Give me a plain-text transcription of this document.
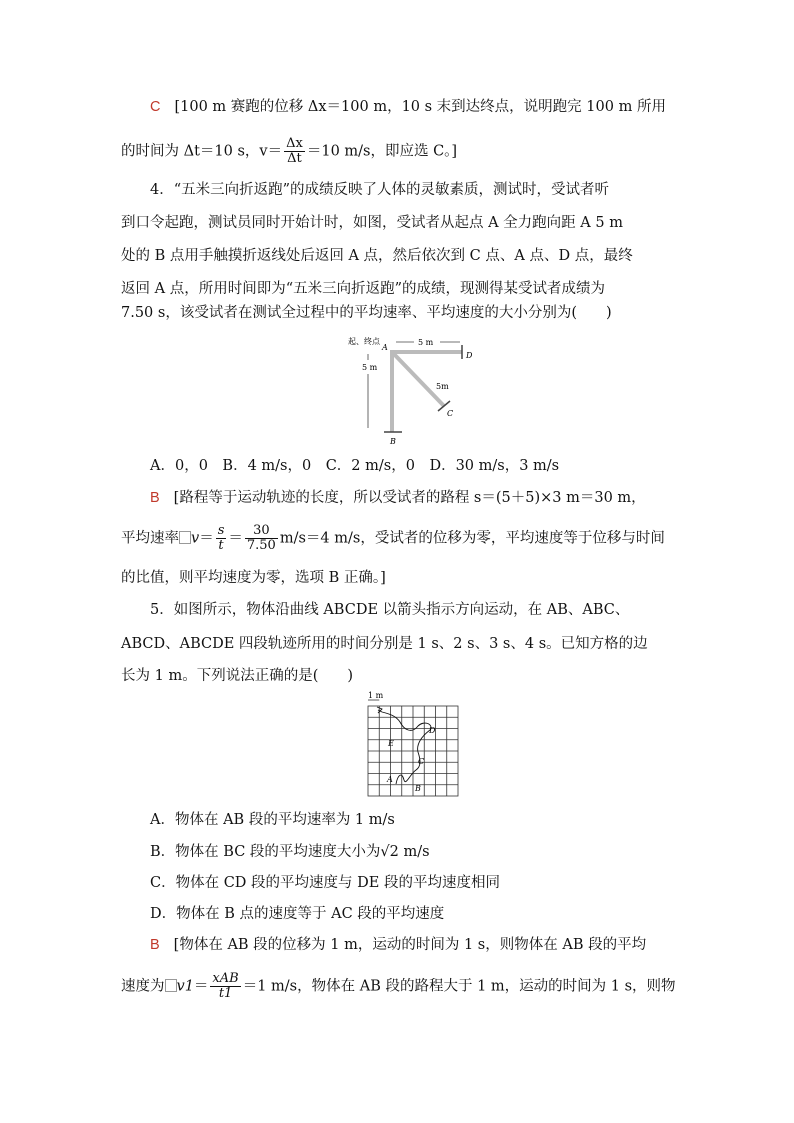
C [100 m 赛跑的位移 Δx＝100 m，10 s 末到达终点，说明跑完 100 m 所用
的时间为 Δt＝10 s，$v= \frac{\Delta x}{\Delta t} =10$ m/s，即应选 C。]
4．“五米三向折返跑”的成绩反映了人体的灵敏素质，测试时，受试者听
到口令起跑，测试员同时开始计时，如图，受试者从起点 A 全力跑向距 A 5 m
处的 B 点用手触摸折返线处后返回 A 点，然后依次到 C 点、A 点、D 点，最终
返回 A 点，所用时间即为“五米三向折返跑”的成绩，现测得某受试者成绩为
7.50 s，该受试者在测试全过程中的平均速率、平均速度的大小分别为(　　)
起、终点
A
5 m
D
5 m
5m
C
B
A．0，0　B．4 m/s，0　C．2 m/s，0　D．30 m/s，3 m/s
B [路程等于运动轨迹的长度，所以受试者的路程 s＝(5＋5)×3 m＝30 m，
平均速率 $v= \frac{s}{t} = \frac{30}{7.50} m/s=4$ m/s，受试者的位移为零，平均速度等于位移与时间
的比值，则平均速度为零，选项 B 正确。]
5．如图所示，物体沿曲线 ABCDE 以箭头指示方向运动，在 AB、ABC、
ABCD、ABCDE 四段轨迹所用的时间分别是 1 s、2 s、3 s、4 s。已知方格的边
长为 1 m。下列说法正确的是(　　)
1 m
A
B
C
D
E
A．物体在 AB 段的平均速率为 1 m/s
B．物体在 BC 段的平均速度大小为√2 m/s
C．物体在 CD 段的平均速度与 DE 段的平均速度相同
D．物体在 B 点的速度等于 AC 段的平均速度
B [物体在 AB 段的位移为 1 m，运动的时间为 1 s，则物体在 AB 段的平均
速度为 $v1= \frac{\text{xAB}}{t1} =1$ m/s，物体在 AB 段的路程大于 1 m，运动的时间为 1 s，则物
